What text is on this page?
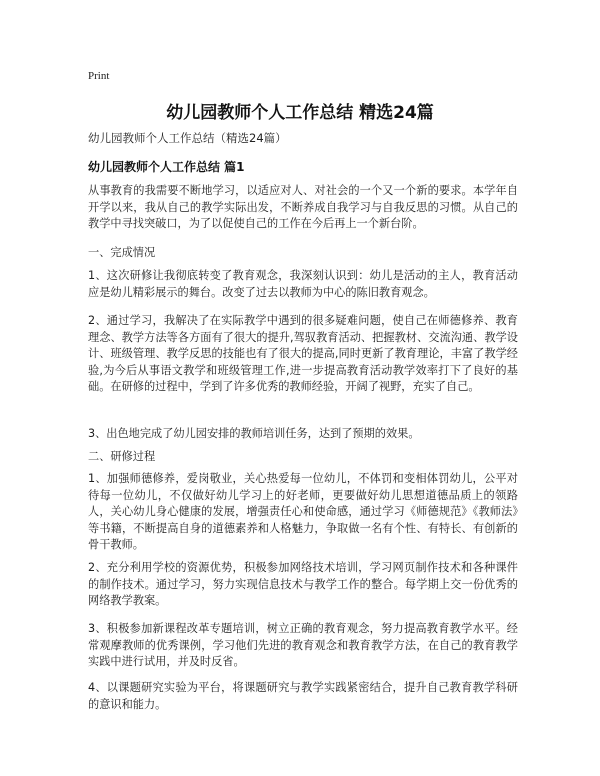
Print
幼儿园教师个人工作总结 精选24篇
幼儿园教师个人工作总结（精选24篇）
幼儿园教师个人工作总结 篇1

从事教育的我需要不断地学习，以适应对人、对社会的一个又一个新的要求。本学年自开学以来，我从自己的教学实际出发，不断养成自我学习与自我反思的习惯。从自己的教学中寻找突破口，为了以促使自己的工作在今后再上一个新台阶。

一、完成情况

1、这次研修让我彻底转变了教育观念，我深刻认识到：幼儿是活动的主人，教育活动应是幼儿精彩展示的舞台。改变了过去以教师为中心的陈旧教育观念。

2、通过学习，我解决了在实际教学中遇到的很多疑难问题，使自己在师德修养、教育理念、教学方法等各方面有了很大的提升,驾驭教育活动、把握教材、交流沟通、教学设计、班级管理、教学反思的技能也有了很大的提高,同时更新了教育理论，丰富了教学经验,为今后从事语文教学和班级管理工作,进一步提高教育活动教学效率打下了良好的基础。在研修的过程中，学到了许多优秀的教师经验，开阔了视野，充实了自己。

3、出色地完成了幼儿园安排的教师培训任务，达到了预期的效果。

二、研修过程

1、加强师德修养，爱岗敬业，关心热爱每一位幼儿，不体罚和变相体罚幼儿，公平对待每一位幼儿，不仅做好幼儿学习上的好老师，更要做好幼儿思想道德品质上的领路人，关心幼儿身心健康的发展，增强责任心和使命感，通过学习《师德规范》《教师法》等书籍，不断提高自身的道德素养和人格魅力，争取做一名有个性、有特长、有创新的骨干教师。

2、充分利用学校的资源优势，积极参加网络技术培训，学习网页制作技术和各种课件的制作技术。通过学习，努力实现信息技术与教学工作的整合。每学期上交一份优秀的网络教学教案。

3、积极参加新课程改革专题培训，树立正确的教育观念，努力提高教育教学水平。经常观摩教师的优秀课例，学习他们先进的教育观念和教育教学方法，在自己的教育教学实践中进行试用，并及时反省。

4、以课题研究实验为平台，将课题研究与教学实践紧密结合，提升自己教育教学科研的意识和能力。
